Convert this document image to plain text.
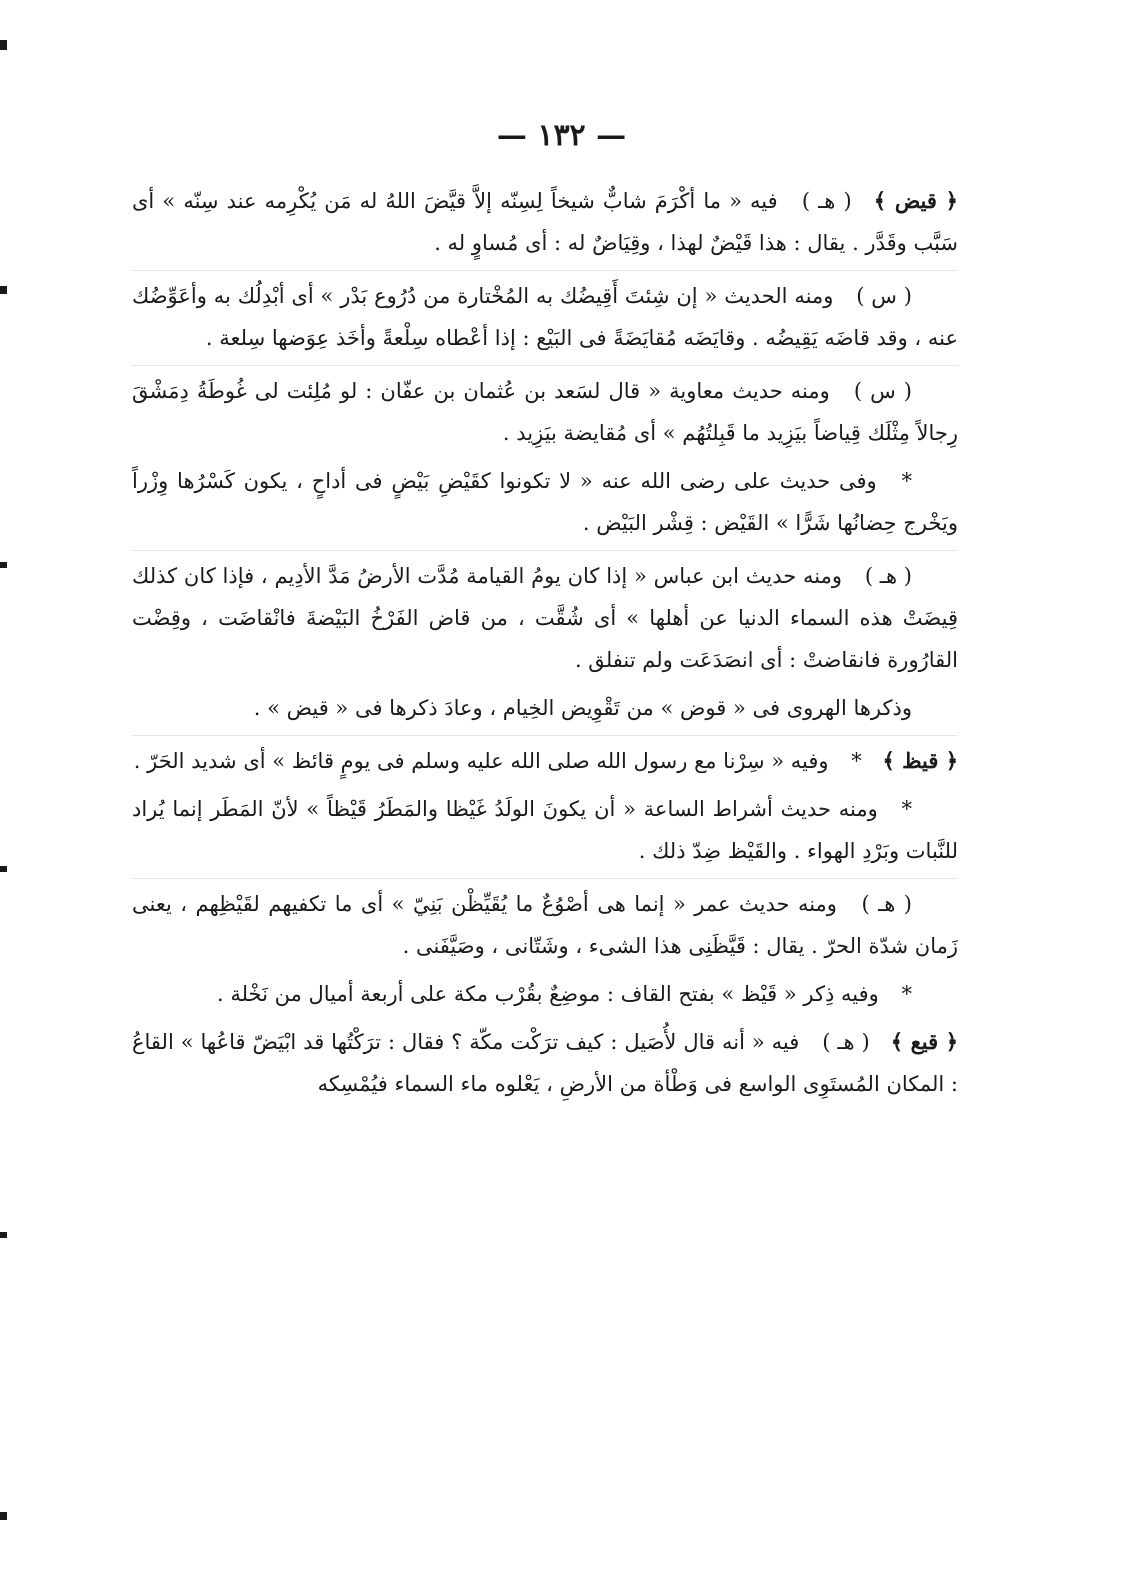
— ١٣٢ —

﴿ قيض ﴾ ( هـ ) فيه « ما أكْرَمَ شابٌّ شيخاً لِسِنّه إلاَّ قيَّضَ اللهُ له مَن يُكْرِمه عند سِنّه » أى سَبَّب وقَدَّر . يقال : هذا قَيْضٌ لهذا ، وقِيَاضٌ له : أى مُساوٍ له .

( س ) ومنه الحديث « إن شِئتَ أَقِيضُك به المُخْتارة من دُرُوع بَدْر » أى أبْدِلُك به وأعَوِّضُك عنه ، وقد قاضَه يَقِيضُه . وقايَضَه مُقايَضَةً فى البَيْع : إذا أعْطاه سِلْعةً وأخَذ عِوَضها سِلعة .

( س ) ومنه حديث معاوية « قال لسَعد بن عُثمان بن عفّان : لو مُلِئت لى غُوطَةُ دِمَشْقَ رِجالاً مِثْلَك قِياضاً بيَزِيد ما قَبِلتُهُم » أى مُقايضة بيَزِيد .

* وفى حديث على رضى الله عنه « لا تكونوا كقَيْضِ بَيْضٍ فى أداحٍ ، يكون كَسْرُها وِزْراً ويَخْرج حِضانُها شَرًّا » القَيْض : قِشْر البَيْض .

( هـ ) ومنه حديث ابن عباس « إذا كان يومُ القيامة مُدَّت الأرضُ مَدَّ الأدِيم ، فإذا كان كذلك قِيضَتْ هذه السماء الدنيا عن أهلها » أى شُقَّت ، من قاض الفَرْخُ البَيْضةَ فانْقاضَت ، وقِضْت القارُورة فانقاضتْ : أى انصَدَعَت ولم تنفلق .

وذكرها الهروى فى « قوض » من تَقْوِيض الخِيام ، وعادَ ذكرها فى « قيض » .

﴿ قيظ ﴾ * وفيه « سِرْنا مع رسول الله صلى الله عليه وسلم فى يومٍ قائظ » أى شديد الحَرّ .

* ومنه حديث أشراط الساعة « أن يكونَ الولَدُ غَيْظا والمَطَرُ قَيْظاً » لأنّ المَطَر إنما يُراد للنَّبات وبَرْدِ الهواء . والقَيْظ ضِدّ ذلك .

( هـ ) ومنه حديث عمر « إنما هى أصْوُعٌ ما يُقَيِّظْن بَنِيّ » أى ما تكفيهم لقَيْظِهم ، يعنى زَمان شدّة الحرّ . يقال : قَيَّظَنِى هذا الشىء ، وشَتّانى ، وصَيَّفَنى .

* وفيه ذِكر « قَيْظ » بفتح القاف : موضِعٌ بقُرْب مكة على أربعة أميال من نَخْلة .

﴿ قيع ﴾ ( هـ ) فيه « أنه قال لأُصَيل : كيف ترَكْت مكّة ؟ فقال : ترَكْتُها قد ابْيَضّ قاعُها » القاعُ : المكان المُستَوِى الواسع فى وَطْأة من الأرضِ ، يَعْلوه ماء السماء فيُمْسِكه
